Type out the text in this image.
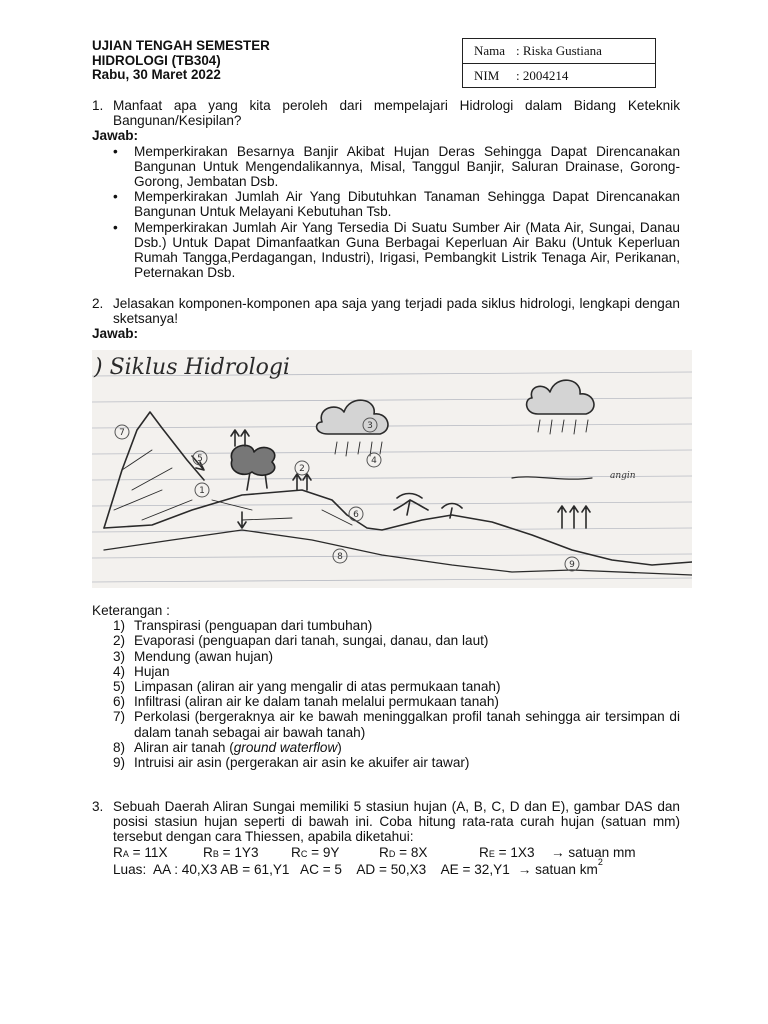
UJIAN TENGAH SEMESTER
HIDROLOGI (TB304)
Rabu, 30 Maret 2022
Nama : Riska Gustiana
NIM	: 2004214
1. Manfaat apa yang kita peroleh dari mempelajari Hidrologi dalam Bidang Keteknik Bangunan/Kesipilan?
Jawab:
•	Memperkirakan Besarnya Banjir Akibat Hujan Deras Sehingga Dapat Direncanakan Bangunan Untuk Mengendalikannya, Misal, Tanggul Banjir, Saluran Drainase, Gorong- Gorong, Jembatan Dsb.
•	Memperkirakan Jumlah Air Yang Dibutuhkan Tanaman Sehingga Dapat Direncanakan Bangunan Untuk Melayani Kebutuhan Tsb.
•	Memperkirakan Jumlah Air Yang Tersedia Di Suatu Sumber Air (Mata Air, Sungai, Danau Dsb.) Untuk Dapat Dimanfaatkan Guna Berbagai Keperluan Air Baku (Untuk Keperluan Rumah Tangga,Perdagangan, Industri), Irigasi, Pembangkit Listrik Tenaga Air, Perikanan, Peternakan Dsb.
2. Jelasakan komponen-komponen apa saja yang terjadi pada siklus hidrologi, lengkapi dengan sketsanya!
Jawab:
) Siklus Hidrologi
1
2
3
4
5
6
7
8
9
angin
Keterangan :
1) Transpirasi (penguapan dari tumbuhan)
2) Evaporasi (penguapan dari tanah, sungai, danau, dan laut)
3) Mendung (awan hujan)
4) Hujan
5) Limpasan (aliran air yang mengalir di atas permukaan tanah)
6) Infiltrasi (aliran air ke dalam tanah melalui permukaan tanah)
7) Perkolasi (bergeraknya air ke bawah meninggalkan profil tanah sehingga air tersimpan di dalam tanah sebagai air bawah tanah)
8) Aliran air tanah (ground waterflow)
9) Intruisi air asin (pergerakan air asin ke akuifer air tawar)
3. Sebuah Daerah Aliran Sungai memiliki 5 stasiun hujan (A, B, C, D dan E), gambar DAS dan posisi stasiun hujan seperti di bawah ini. Coba hitung rata-rata curah hujan (satuan mm) tersebut dengan cara Thiessen, apabila diketahui:
RA = 11X	RB = 1Y3	RC = 9Y	RD = 8X	RE = 1X3	→ satuan mm
Luas:  AA : 40,X3 AB = 61,Y1   AC = 5    AD = 50,X3    AE = 32,Y1 → satuan km 2
